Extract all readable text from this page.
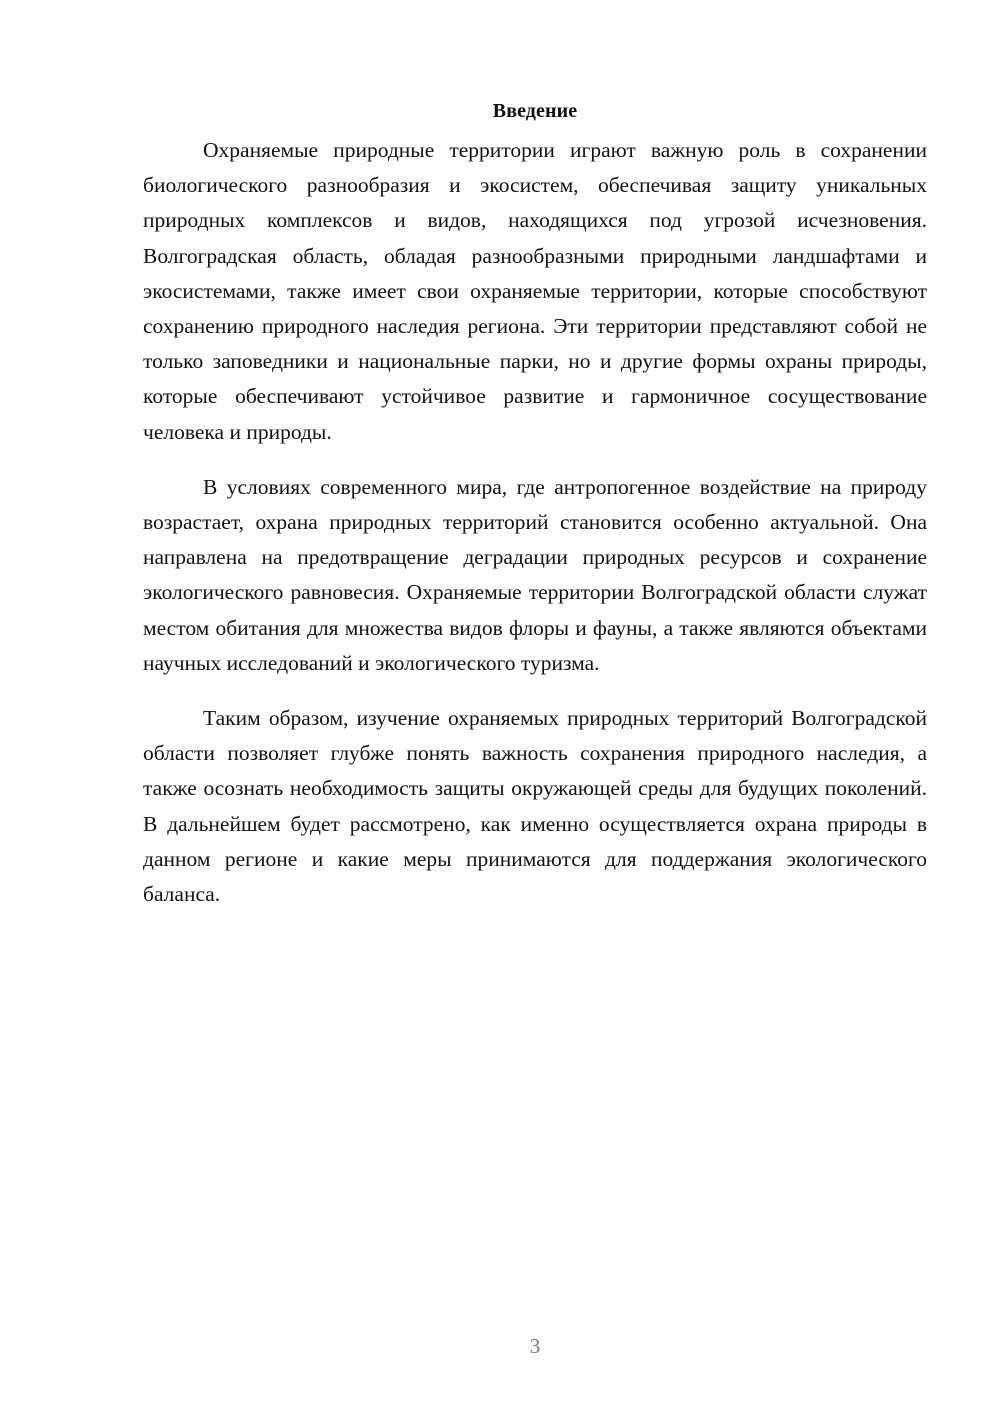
Введение

Охраняемые природные территории играют важную роль в сохранении биологического разнообразия и экосистем, обеспечивая защиту уникальных природных комплексов и видов, находящихся под угрозой исчезновения. Волгоградская область, обладая разнообразными природными ландшафтами и экосистемами, также имеет свои охраняемые территории, которые способствуют сохранению природного наследия региона. Эти территории представляют собой не только заповедники и национальные парки, но и другие формы охраны природы, которые обеспечивают устойчивое развитие и гармоничное сосуществование человека и природы.

В условиях современного мира, где антропогенное воздействие на природу возрастает, охрана природных территорий становится особенно актуальной. Она направлена на предотвращение деградации природных ресурсов и сохранение экологического равновесия. Охраняемые территории Волгоградской области служат местом обитания для множества видов флоры и фауны, а также являются объектами научных исследований и экологического туризма.

Таким образом, изучение охраняемых природных территорий Волгоградской области позволяет глубже понять важность сохранения природного наследия, а также осознать необходимость защиты окружающей среды для будущих поколений. В дальнейшем будет рассмотрено, как именно осуществляется охрана природы в данном регионе и какие меры принимаются для поддержания экологического баланса.

3
